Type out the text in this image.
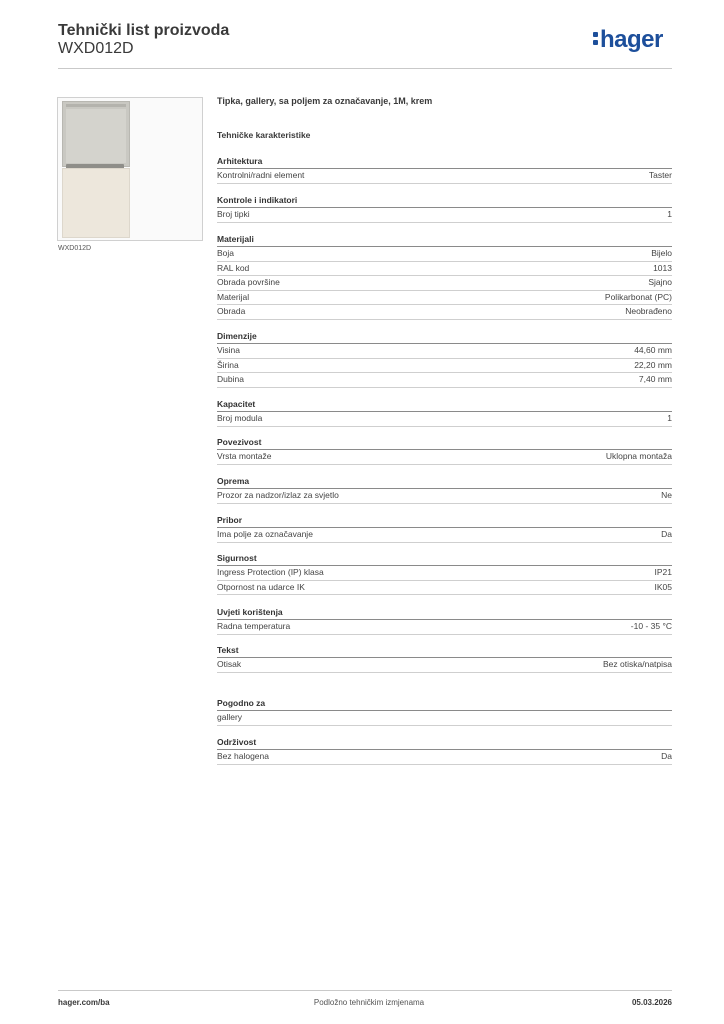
Tehnički list proizvoda
WXD012D	hager
WXD012D
Tipka, gallery, sa poljem za označavanje, 1M, krem
Tehničke karakteristike
Arhitektura
Kontrolni/radni element	Taster
Kontrole i indikatori
Broj tipki	1
Materijali
Boja	Bijelo
RAL kod	1013
Obrada površine	Sjajno
Materijal	Polikarbonat (PC)
Obrada	Neobrađeno
Dimenzije
Visina	44,60 mm
Širina	22,20 mm
Dubina	7,40 mm
Kapacitet
Broj modula	1
Povezivost
Vrsta montaže	Uklopna montaža
Oprema
Prozor za nadzor/izlaz za svjetlo	Ne
Pribor
Ima polje za označavanje	Da
Sigurnost
Ingress Protection (IP) klasa	IP21
Otpornost na udarce IK	IK05
Uvjeti korištenja
Radna temperatura	-10 - 35 °C
Tekst
Otisak	Bez otiska/natpisa
Pogodno za
gallery
Održivost
Bez halogena	Da
hager.com/ba	Podložno tehničkim izmjenama	05.03.2026
